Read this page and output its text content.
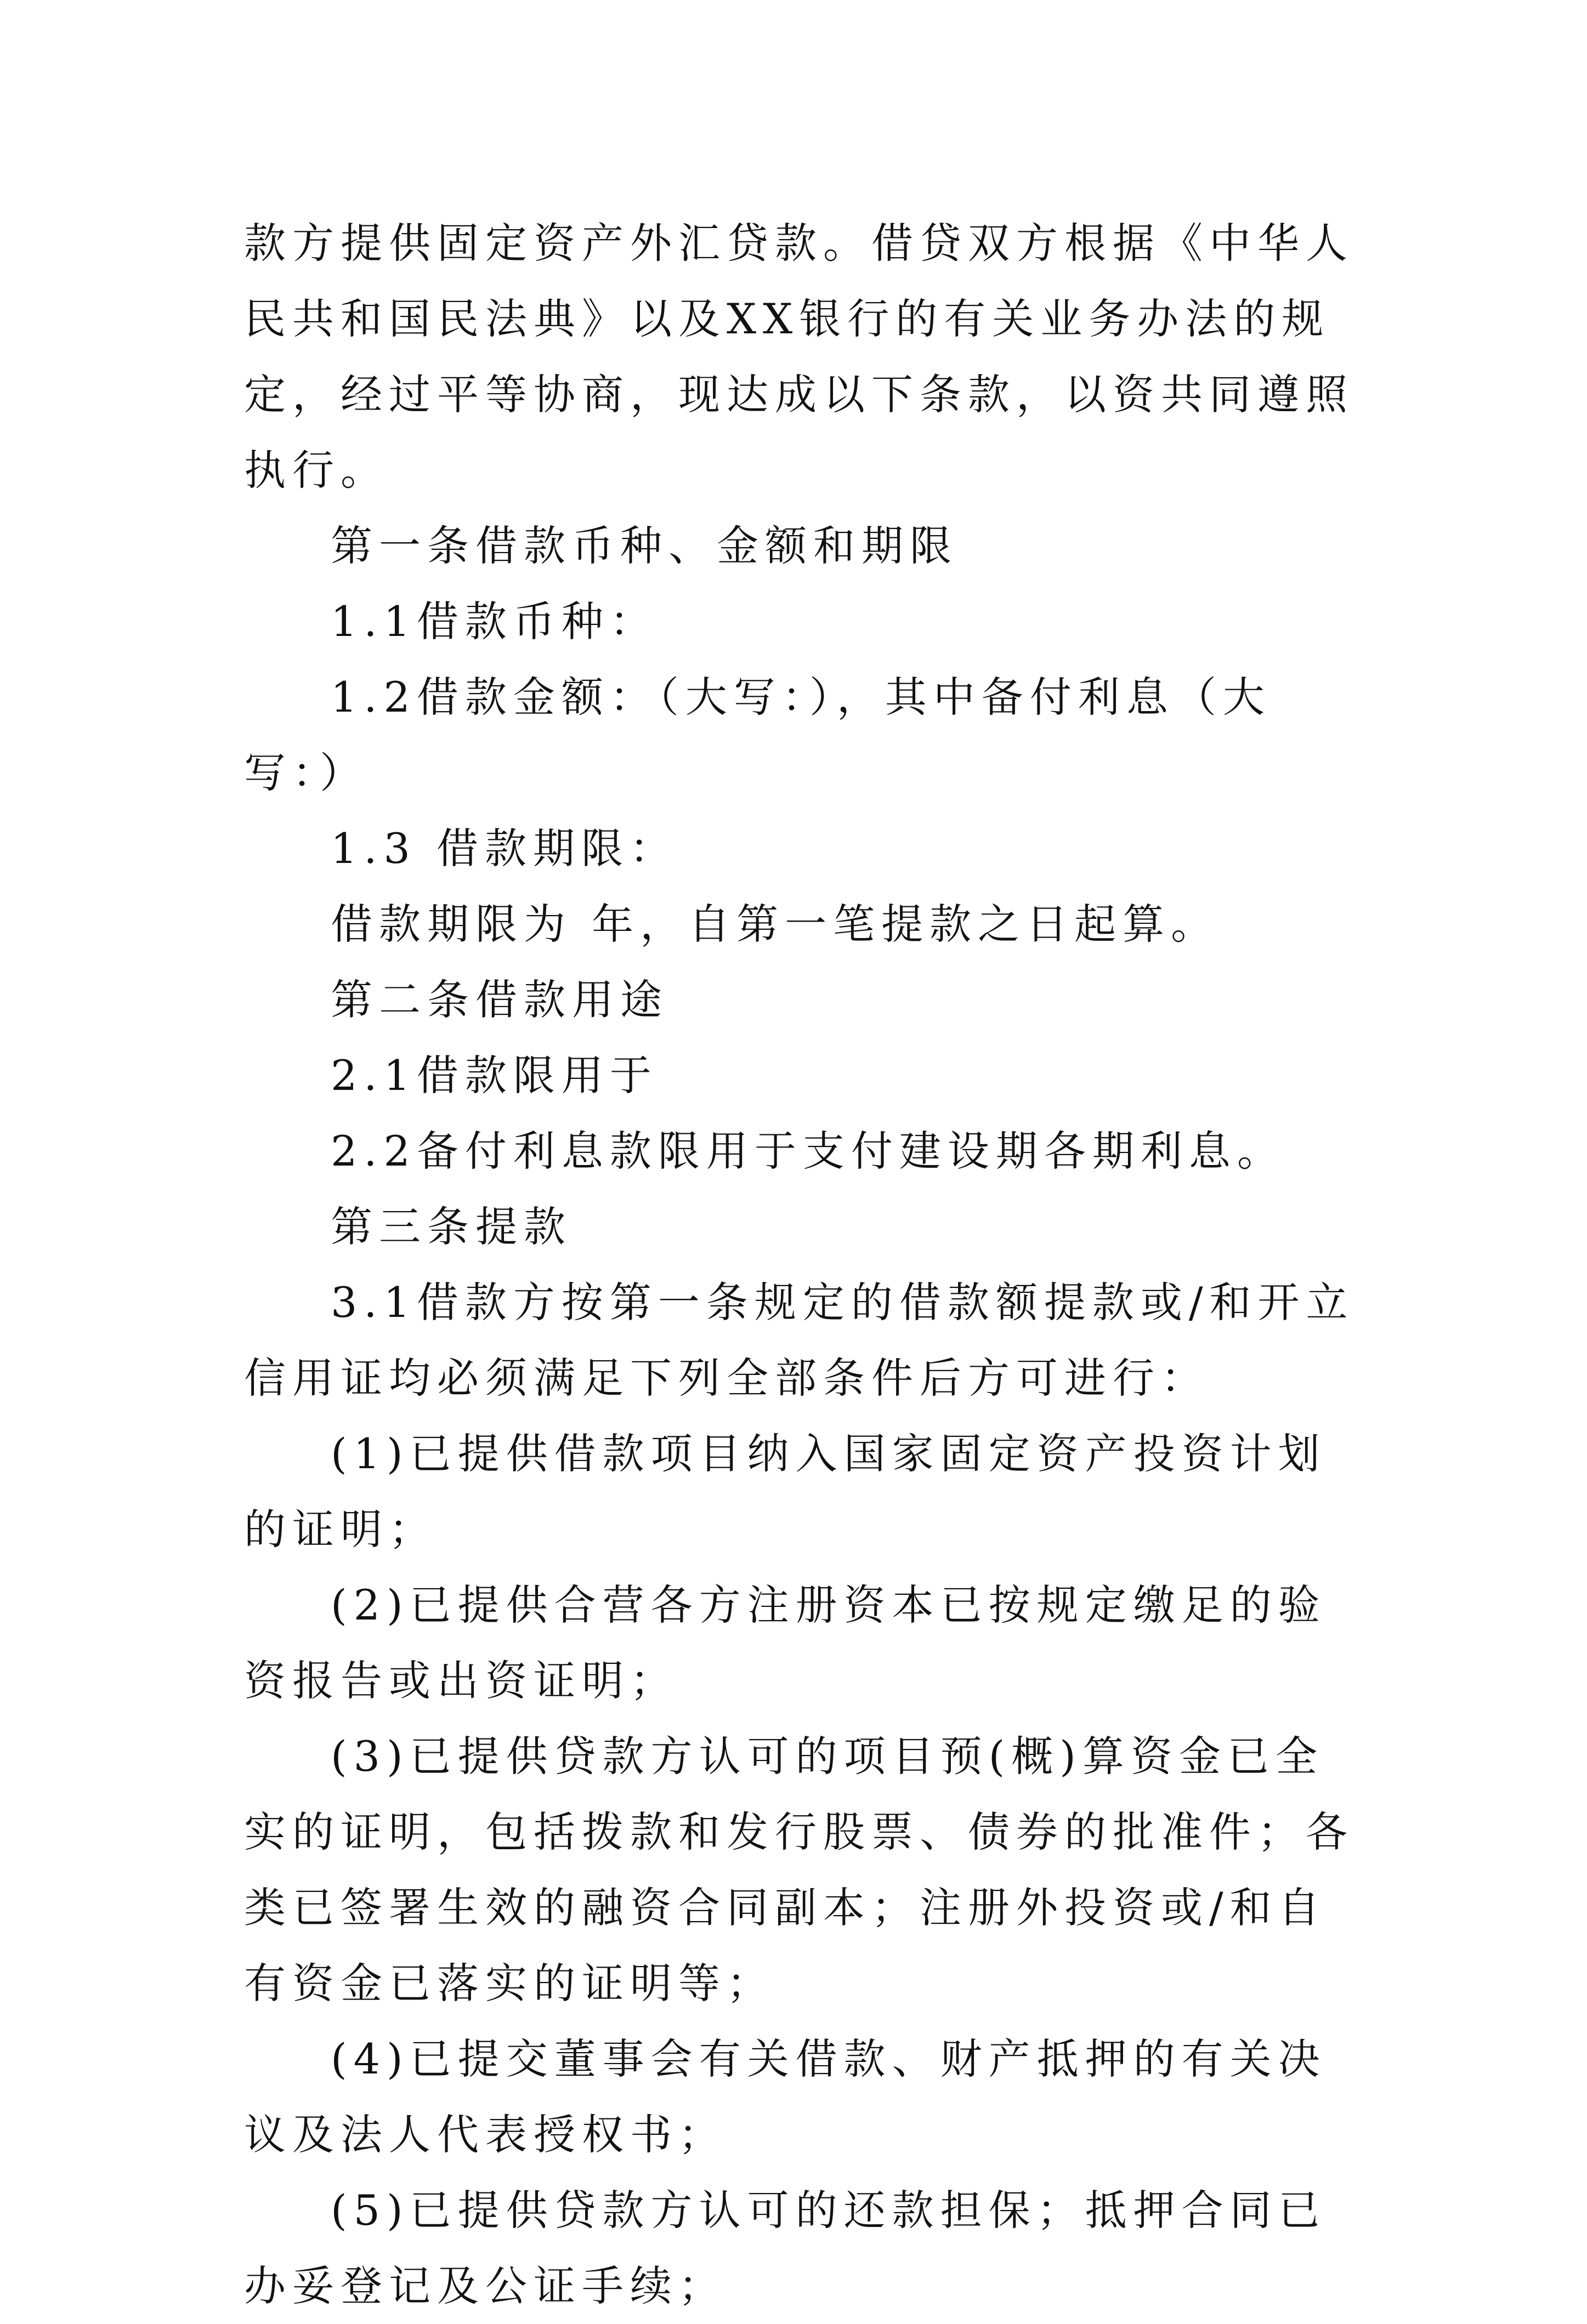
款方提供固定资产外汇贷款。借贷双方根据《中华人民共和国民法典》以及XX银行的有关业务办法的规定，经过平等协商，现达成以下条款，以资共同遵照执行。

第一条借款币种、金额和期限

1.1借款币种：

1.2借款金额：（大写：），其中备付利息（大写：）

1.3 借款期限：

借款期限为 年，自第一笔提款之日起算。

第二条借款用途

2.1借款限用于

2.2备付利息款限用于支付建设期各期利息。

第三条提款

3.1借款方按第一条规定的借款额提款或/和开立信用证均必须满足下列全部条件后方可进行：

(1)已提供借款项目纳入国家固定资产投资计划的证明；

(2)已提供合营各方注册资本已按规定缴足的验资报告或出资证明；

(3)已提供贷款方认可的项目预(概)算资金已全实的证明，包括拨款和发行股票、债券的批准件；各类已签署生效的融资合同副本；注册外投资或/和自有资金已落实的证明等；

(4)已提交董事会有关借款、财产抵押的有关决议及法人代表授权书；

(5)已提供贷款方认可的还款担保；抵押合同已办妥登记及公证手续；
